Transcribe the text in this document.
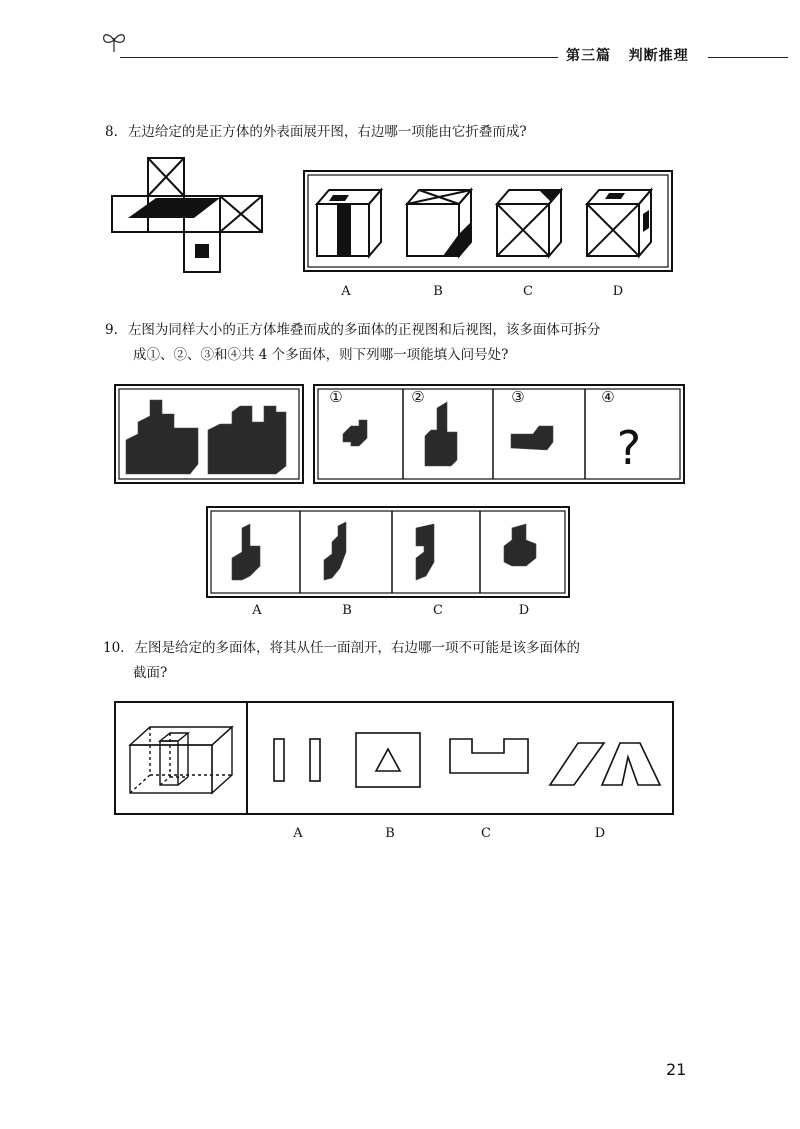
第三篇 判断推理
8. 左边给定的是正方体的外表面展开图，右边哪一项能由它折叠而成?
A	B	C	D
9. 左图为同样大小的正方体堆叠而成的多面体的正视图和后视图，该多面体可拆分
成①、②、③和④共 4 个多面体，则下列哪一项能填入问号处?
?
①	②	③	④
A	B	C	D
10. 左图是给定的多面体，将其从任一面剖开，右边哪一项不可能是该多面体的
截面?
A	B	C	D
21
